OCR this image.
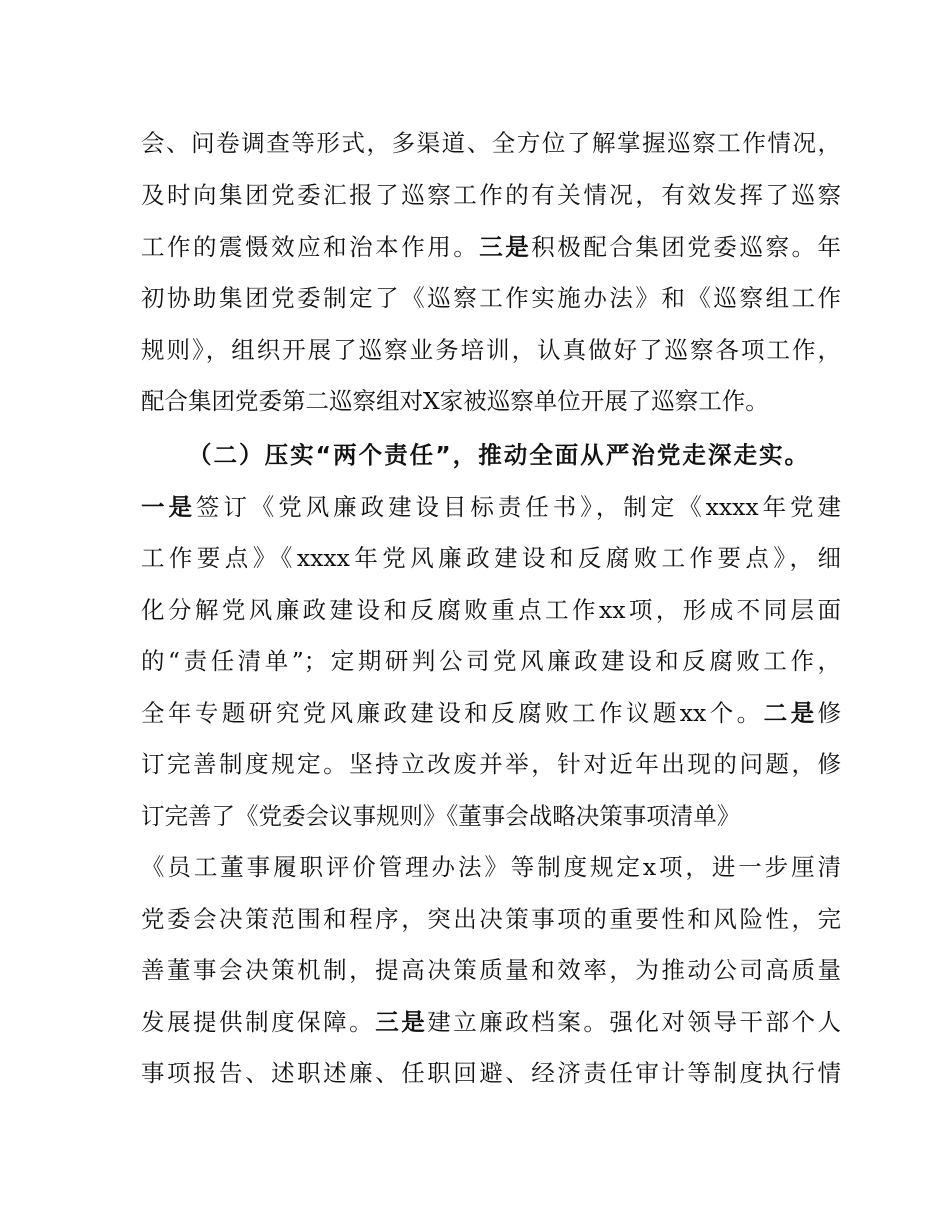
会、问卷调查等形式，多渠道、全方位了解掌握巡察工作情况，
及时向集团党委汇报了巡察工作的有关情况，有效发挥了巡察
工作的震慑效应和治本作用。三是积极配合集团党委巡察。年
初协助集团党委制定了《巡察工作实施办法》和《巡察组工作
规则》，组织开展了巡察业务培训，认真做好了巡察各项工作，
配合集团党委第二巡察组对X家被巡察单位开展了巡察工作。
（二）压实“两个责任”，推动全面从严治党走深走实。
一是签订《党风廉政建设目标责任书》，制定《xxxx年党建
工作要点》《xxxx年党风廉政建设和反腐败工作要点》，细
化分解党风廉政建设和反腐败重点工作xx项，形成不同层面
的“责任清单”；定期研判公司党风廉政建设和反腐败工作，
全年专题研究党风廉政建设和反腐败工作议题xx个。二是修
订完善制度规定。坚持立改废并举，针对近年出现的问题，修
订完善了《党委会议事规则》《董事会战略决策事项清单》
《员工董事履职评价管理办法》等制度规定x项，进一步厘清
党委会决策范围和程序，突出决策事项的重要性和风险性，完
善董事会决策机制，提高决策质量和效率，为推动公司高质量
发展提供制度保障。三是建立廉政档案。强化对领导干部个人
事项报告、述职述廉、任职回避、经济责任审计等制度执行情
